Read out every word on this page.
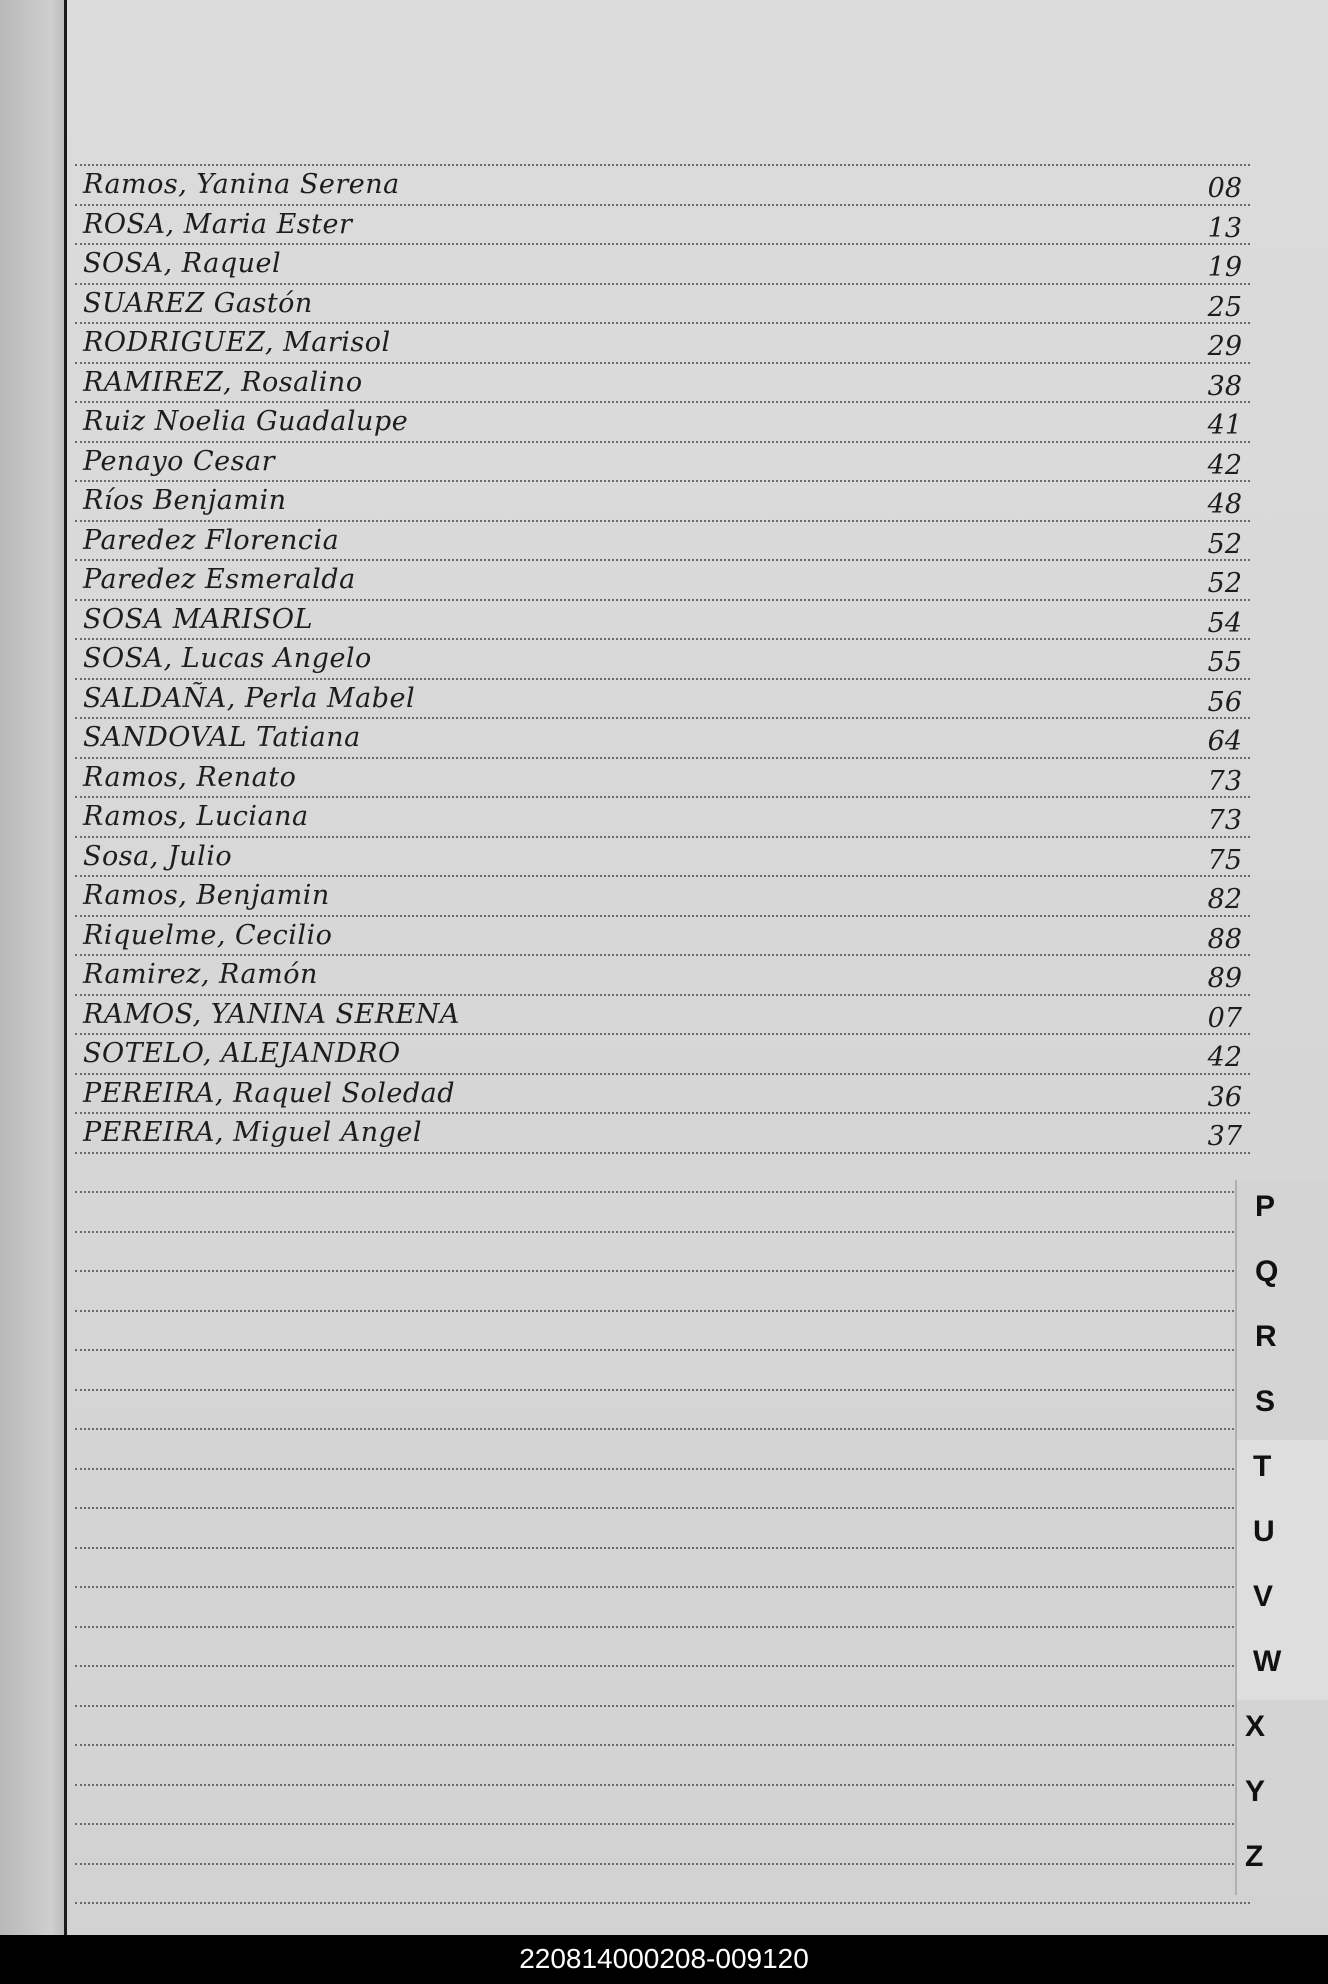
Ramos, Yanina Serena	08
ROSA, Maria Ester	13
SOSA, Raquel	19
SUAREZ Gastón	25
RODRIGUEZ, Marisol	29
RAMIREZ, Rosalino	38
Ruiz Noelia Guadalupe	41
Penayo Cesar	42
Ríos Benjamin	48
Paredez Florencia	52
Paredez Esmeralda	52
SOSA MARISOL	54
SOSA, Lucas Angelo	55
SALDAÑA, Perla Mabel	56
SANDOVAL Tatiana	64
Ramos, Renato	73
Ramos, Luciana	73
Sosa, Julio	75
Ramos, Benjamin	82
Riquelme, Cecilio	88
Ramirez, Ramón	89
RAMOS, YANINA SERENA	07
SOTELO, ALEJANDRO	42
PEREIRA, Raquel Soledad	36
PEREIRA, Miguel Angel	37
P
Q
R
S
T
U
V
W
X
Y
Z
220814000208-009120
